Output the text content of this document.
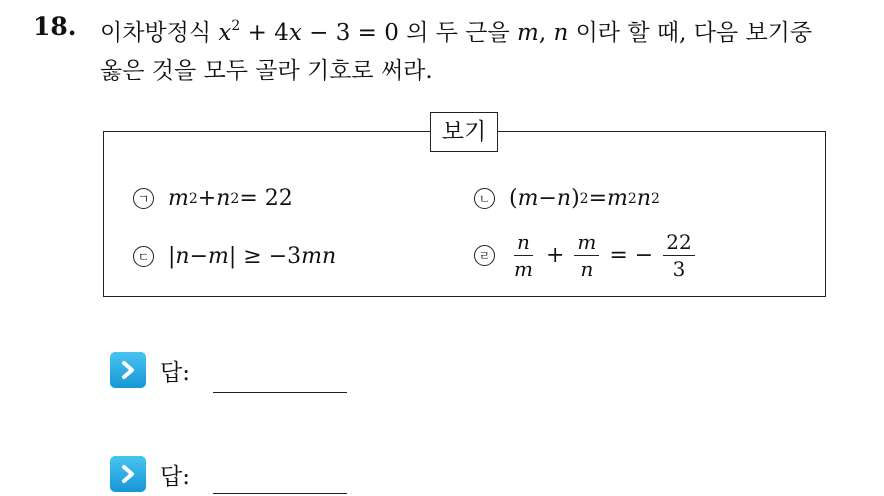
18. 이차방정식 $x^2 + 4x - 3 = 0$ 의 두 근을 m, n 이라 할 때, 다음 보기중
옳은 것을 모두 골라 기호로 써라.
보기
ㄱ m 2 + n 2 = 22	ㄴ ( m − n ) 2 = m 2 n 2
ㄷ | n − m | ≥ −3 mn	ㄹ $\frac{n}{m} + \frac{m}{n}$ = − $\frac{22}{3}$
답:
답:
